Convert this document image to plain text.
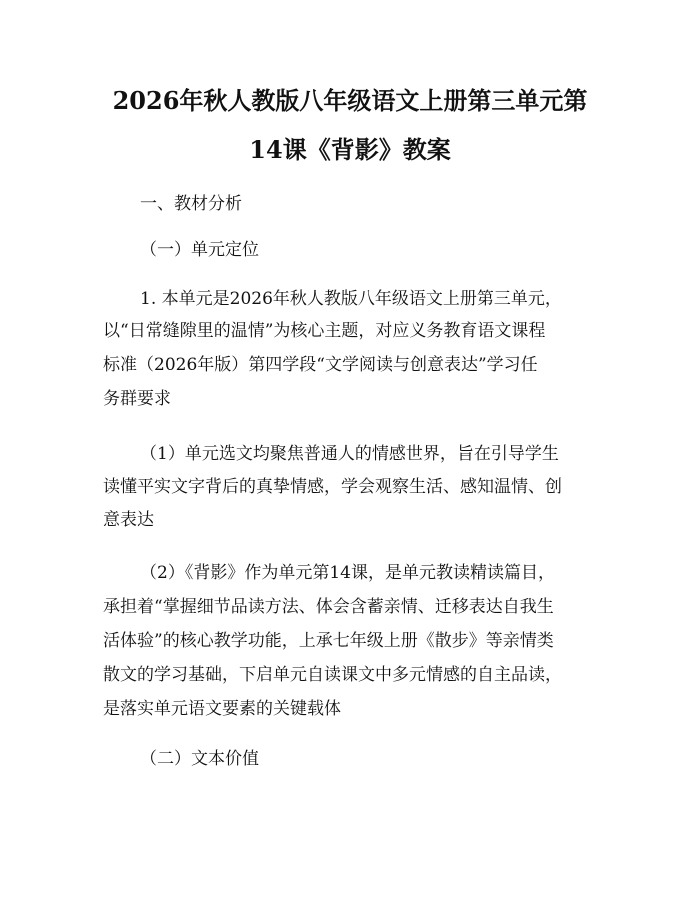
2026年秋人教版八年级语文上册第三单元第
14课《背影》教案

一、教材分析

（一）单元定位

1. 本单元是2026年秋人教版八年级语文上册第三单元，

以“日常缝隙里的温情”为核心主题，对应义务教育语文课程

标准（2026年版）第四学段“文学阅读与创意表达”学习任

务群要求

（1）单元选文均聚焦普通人的情感世界，旨在引导学生

读懂平实文字背后的真挚情感，学会观察生活、感知温情、创

意表达

（2）《背影》作为单元第14课，是单元教读精读篇目，

承担着“掌握细节品读方法、体会含蓄亲情、迁移表达自我生

活体验”的核心教学功能，上承七年级上册《散步》等亲情类

散文的学习基础，下启单元自读课文中多元情感的自主品读，

是落实单元语文要素的关键载体

（二）文本价值
